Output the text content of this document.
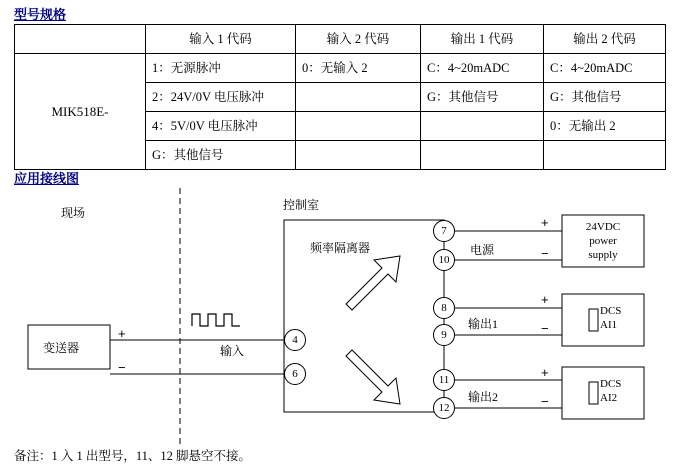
型号规格
	输入 1 代码	输入 2 代码	输出 1 代码	输出 2 代码
MIK518E-	1：无源脉冲	0：无输入 2	C：4~20mADC	C：4~20mADC
	2：24V/0V 电压脉冲		G：其他信号	G：其他信号
	4：5V/0V 电压脉冲			0：无输出 2
	G：其他信号			
应用接线图
现场
控制室
变送器
频率隔离器
输入
+
−
4
6
7
10
8
9
11
12
电源
输出1
输出2
+
−
+
−
+
−
24VDC
power
supply
DCS
AI1
DCS
AI2
备注：1 入 1 出型号，11、12 脚悬空不接。
